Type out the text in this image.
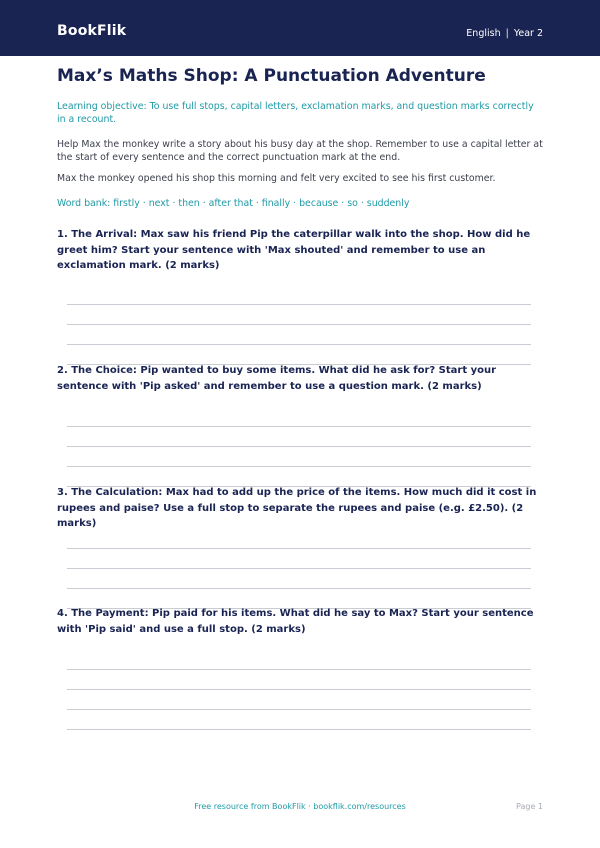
BookFlik	English | Year 2
Max’s Maths Shop: A Punctuation Adventure

Learning objective: To use full stops, capital letters, exclamation marks, and question marks correctly in a recount.

Help Max the monkey write a story about his busy day at the shop. Remember to use a capital letter at the start of every sentence and the correct punctuation mark at the end.

Max the monkey opened his shop this morning and felt very excited to see his first customer.

Word bank: firstly · next · then · after that · finally · because · so · suddenly

1. The Arrival: Max saw his friend Pip the caterpillar walk into the shop. How did he greet him? Start your sentence with 'Max shouted' and remember to use an exclamation mark. (2 marks)

2. The Choice: Pip wanted to buy some items. What did he ask for? Start your sentence with 'Pip asked' and remember to use a question mark. (2 marks)

3. The Calculation: Max had to add up the price of the items. How much did it cost in rupees and paise? Use a full stop to separate the rupees and paise (e.g. £2.50). (2 marks)

4. The Payment: Pip paid for his items. What did he say to Max? Start your sentence with 'Pip said' and use a full stop. (2 marks)

Free resource from BookFlik · bookflik.com/resources	Page 1
